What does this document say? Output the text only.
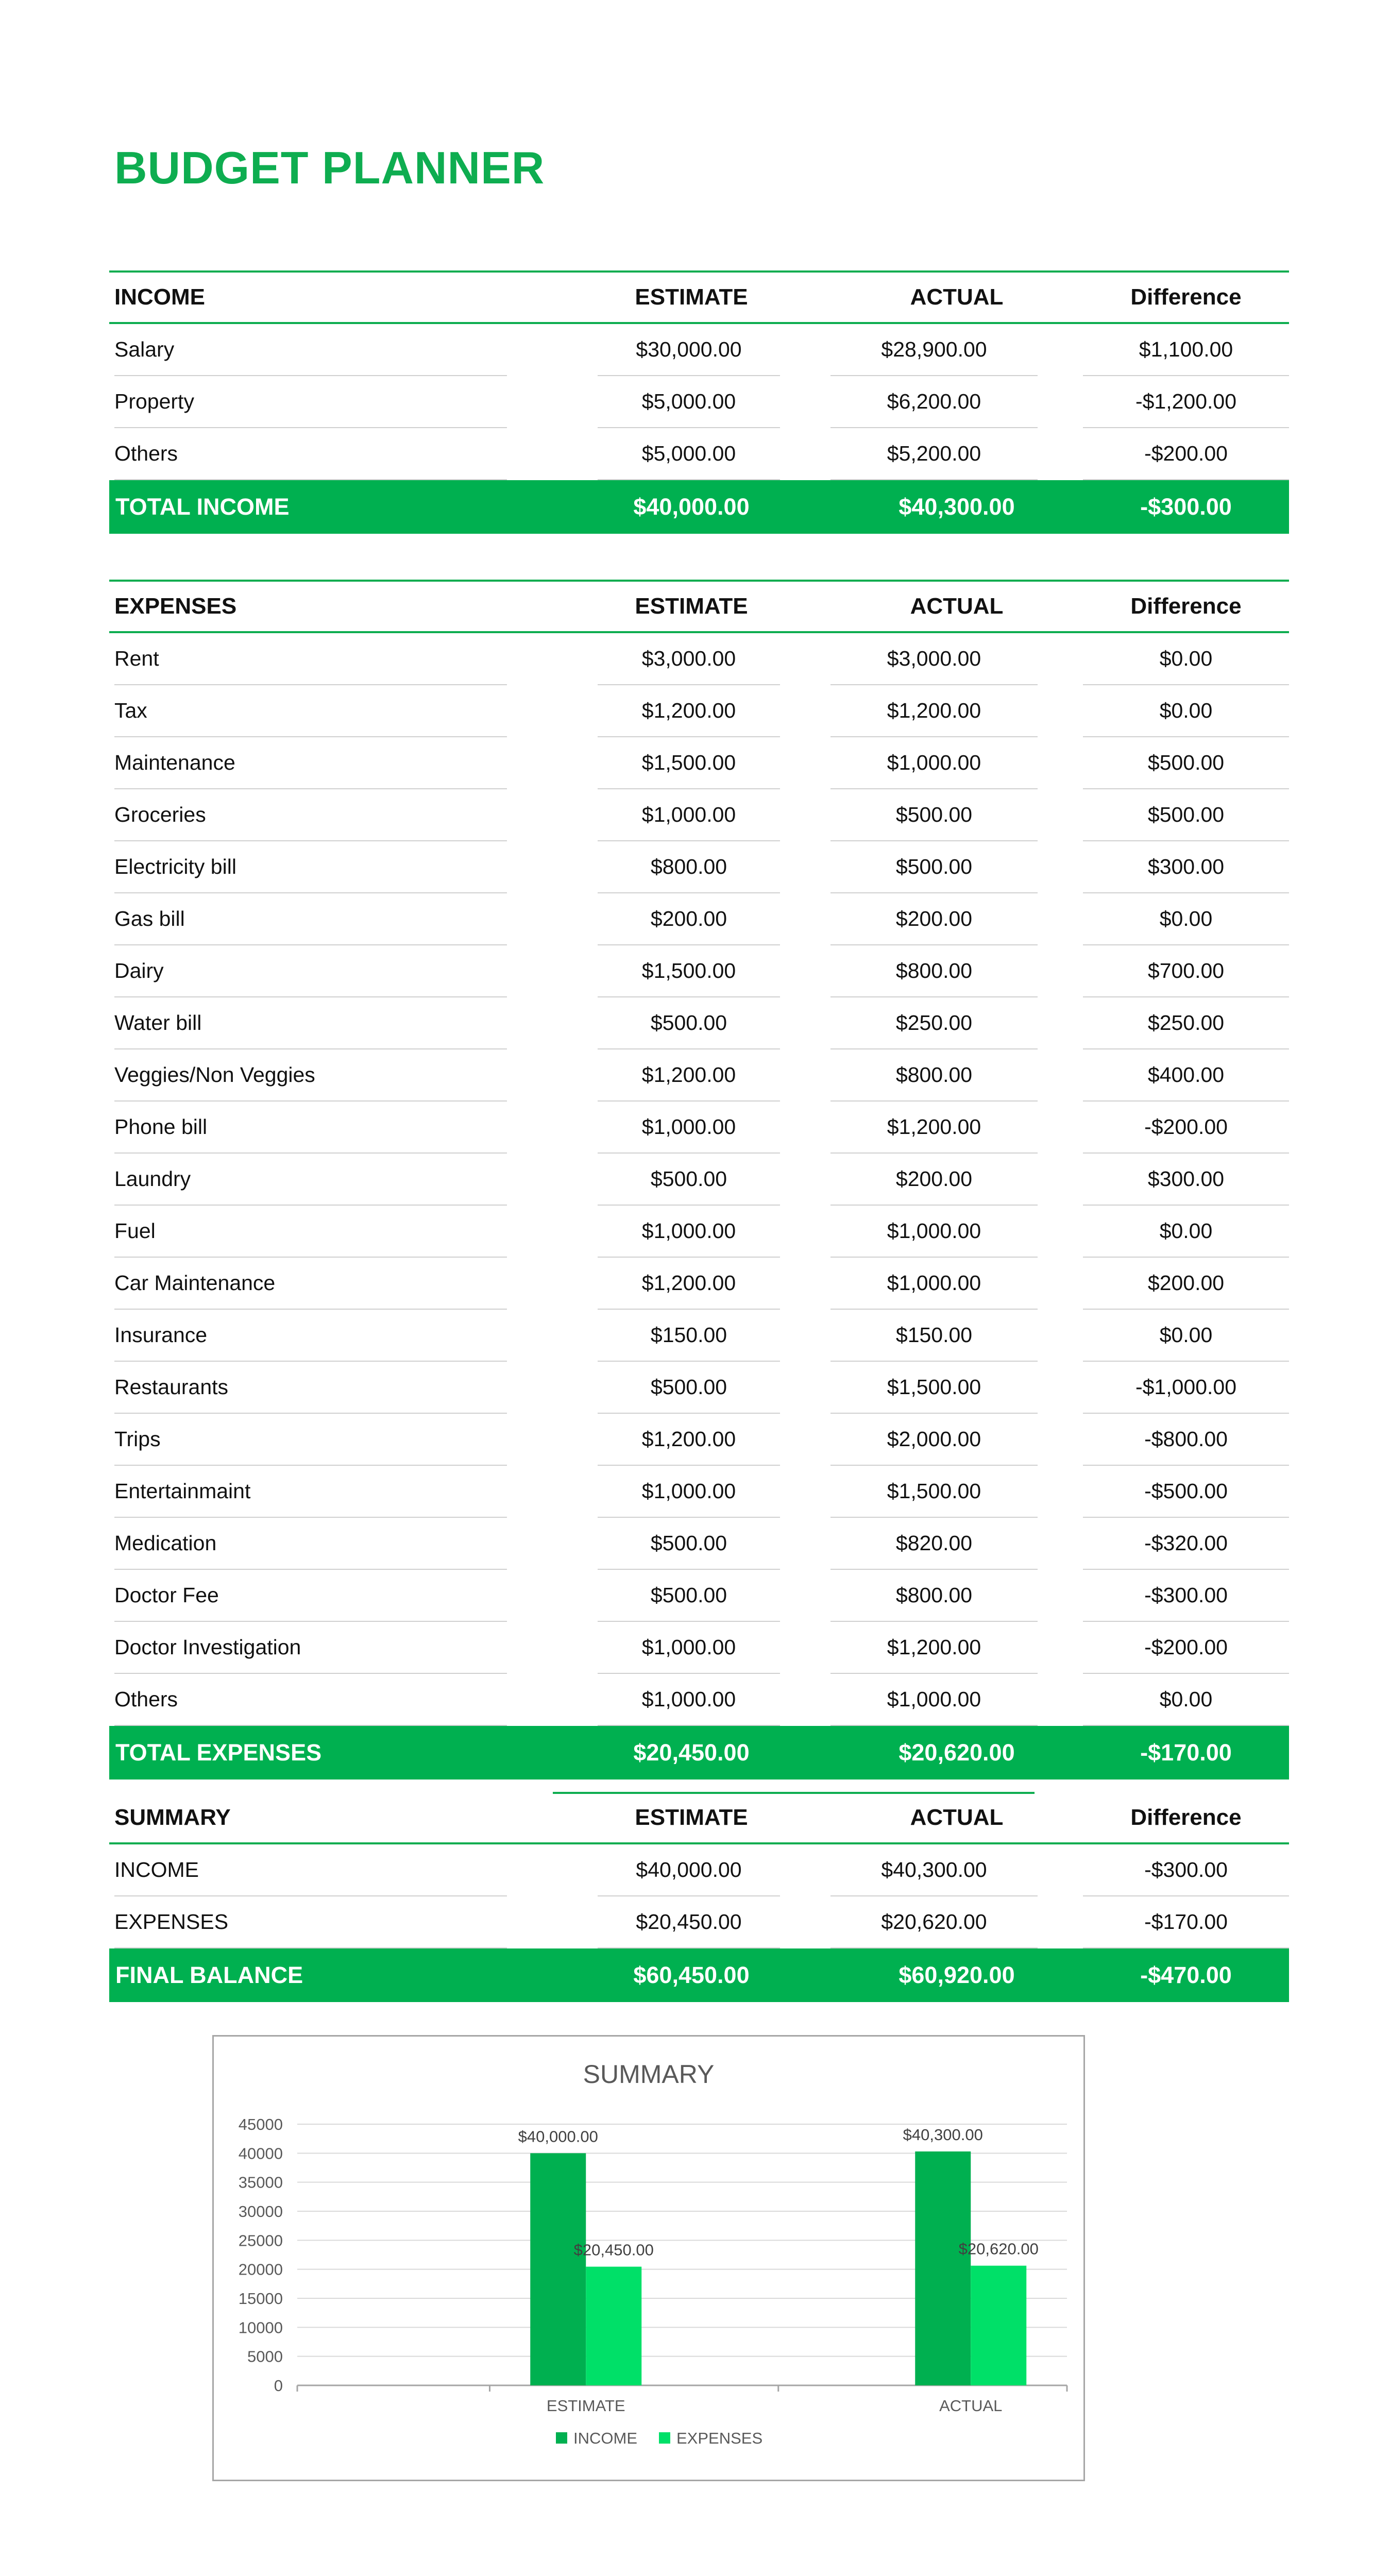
BUDGET PLANNER
INCOME	ESTIMATE	ACTUAL	Difference

Salary	$30,000.00	$28,900.00	$1,100.00

Property	$5,000.00	$6,200.00	-$1,200.00

Others	$5,000.00	$5,200.00	-$200.00

TOTAL INCOME	$40,000.00	$40,300.00	-$300.00
EXPENSES	ESTIMATE	ACTUAL	Difference

Rent	$3,000.00	$3,000.00	$0.00

Tax	$1,200.00	$1,200.00	$0.00

Maintenance	$1,500.00	$1,000.00	$500.00

Groceries	$1,000.00	$500.00	$500.00

Electricity bill	$800.00	$500.00	$300.00

Gas bill	$200.00	$200.00	$0.00

Dairy	$1,500.00	$800.00	$700.00

Water bill	$500.00	$250.00	$250.00

Veggies/Non Veggies	$1,200.00	$800.00	$400.00

Phone bill	$1,000.00	$1,200.00	-$200.00

Laundry	$500.00	$200.00	$300.00

Fuel	$1,000.00	$1,000.00	$0.00

Car Maintenance	$1,200.00	$1,000.00	$200.00

Insurance	$150.00	$150.00	$0.00

Restaurants	$500.00	$1,500.00	-$1,000.00

Trips	$1,200.00	$2,000.00	-$800.00

Entertainmaint	$1,000.00	$1,500.00	-$500.00

Medication	$500.00	$820.00	-$320.00

Doctor Fee	$500.00	$800.00	-$300.00

Doctor Investigation	$1,000.00	$1,200.00	-$200.00

Others	$1,000.00	$1,000.00	$0.00

TOTAL EXPENSES	$20,450.00	$20,620.00	-$170.00
SUMMARY	ESTIMATE	ACTUAL	Difference

INCOME	$40,000.00	$40,300.00	-$300.00

EXPENSES	$20,450.00	$20,620.00	-$170.00

FINAL BALANCE	$60,450.00	$60,920.00	-$470.00
SUMMARY
0
5000
10000
15000
20000
25000
30000
35000
40000
45000
$40,000.00
$20,450.00
ESTIMATE
$40,300.00
$20,620.00
ACTUAL
INCOME EXPENSES
